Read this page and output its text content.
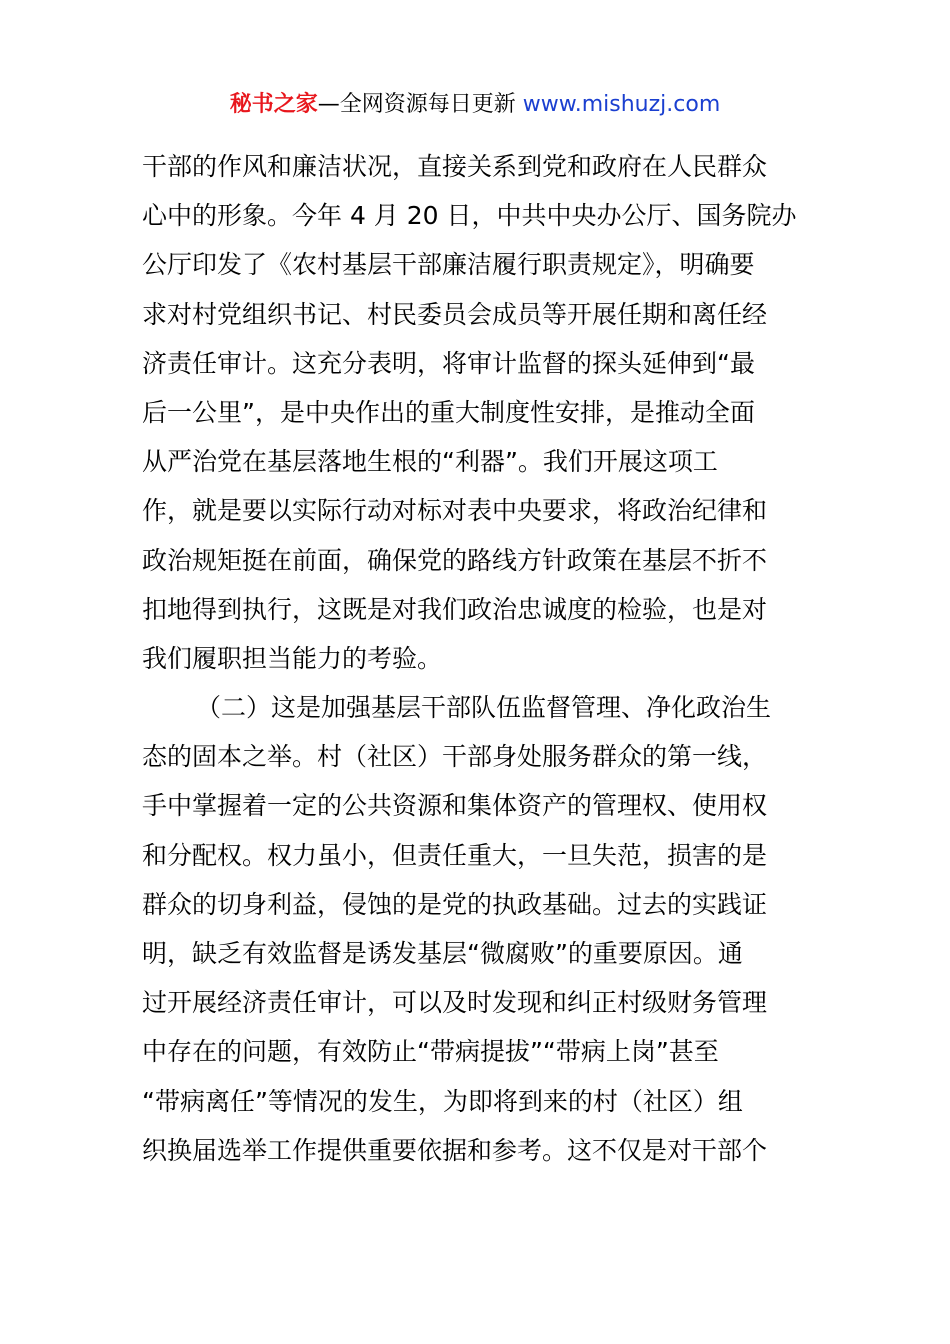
秘书之家—全网资源每日更新 www.mishuzj.com
干部的作风和廉洁状况，直接关系到党和政府在人民群众
心中的形象。今年 4 月 20 日，中共中央办公厅、国务院办
公厅印发了《农村基层干部廉洁履行职责规定》，明确要
求对村党组织书记、村民委员会成员等开展任期和离任经
济责任审计。这充分表明，将审计监督的探头延伸到“最
后一公里”，是中央作出的重大制度性安排，是推动全面
从严治党在基层落地生根的“利器”。我们开展这项工
作，就是要以实际行动对标对表中央要求，将政治纪律和
政治规矩挺在前面，确保党的路线方针政策在基层不折不
扣地得到执行，这既是对我们政治忠诚度的检验，也是对
我们履职担当能力的考验。
（二）这是加强基层干部队伍监督管理、净化政治生
态的固本之举。村（社区）干部身处服务群众的第一线，
手中掌握着一定的公共资源和集体资产的管理权、使用权
和分配权。权力虽小，但责任重大，一旦失范，损害的是
群众的切身利益，侵蚀的是党的执政基础。过去的实践证
明，缺乏有效监督是诱发基层“微腐败”的重要原因。通
过开展经济责任审计，可以及时发现和纠正村级财务管理
中存在的问题，有效防止“带病提拔”“带病上岗”甚至
“带病离任”等情况的发生，为即将到来的村（社区）组
织换届选举工作提供重要依据和参考。这不仅是对干部个
